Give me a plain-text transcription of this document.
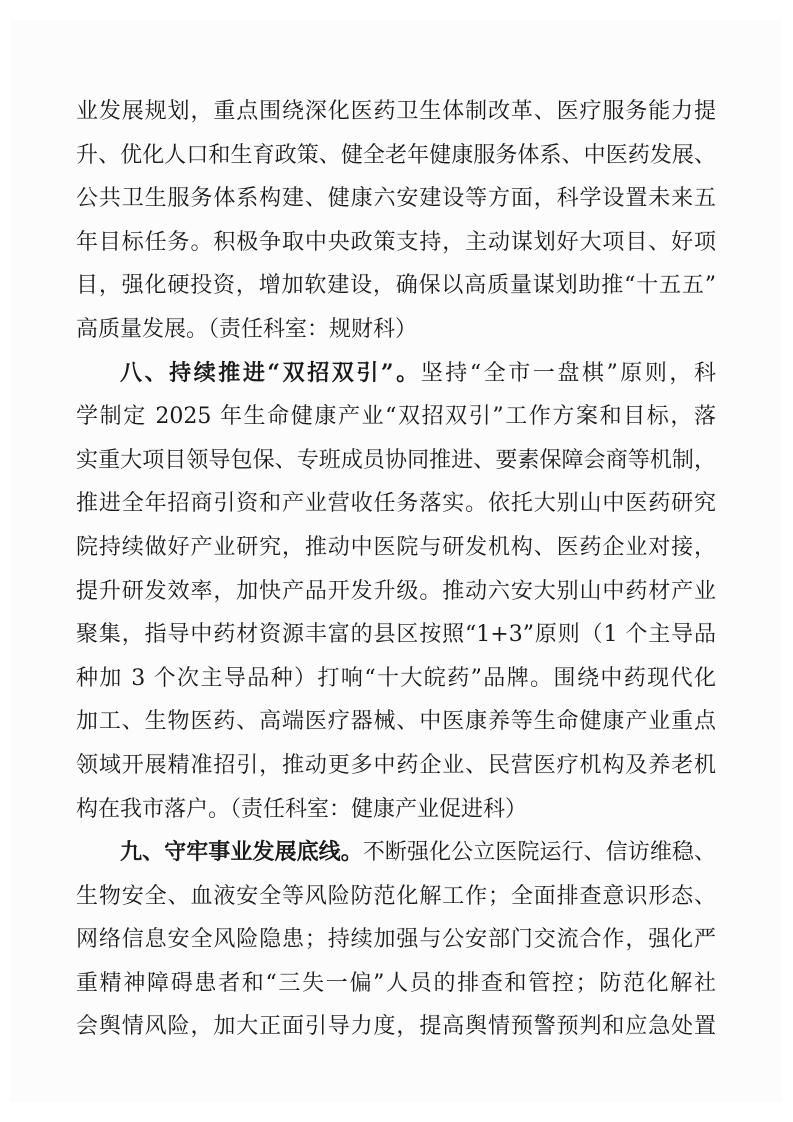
业发展规划，重点围绕深化医药卫生体制改革、医疗服务能力提
升、优化人口和生育政策、健全老年健康服务体系、中医药发展、
公共卫生服务体系构建、健康六安建设等方面，科学设置未来五
年目标任务。积极争取中央政策支持，主动谋划好大项目、好项
目，强化硬投资，增加软建设，确保以高质量谋划助推“十五五”
高质量发展。（责任科室：规财科）
八、持续推进“双招双引”。坚持“全市一盘棋”原则，科
学制定 2025 年生命健康产业“双招双引”工作方案和目标，落
实重大项目领导包保、专班成员协同推进、要素保障会商等机制，
推进全年招商引资和产业营收任务落实。依托大别山中医药研究
院持续做好产业研究，推动中医院与研发机构、医药企业对接，
提升研发效率，加快产品开发升级。推动六安大别山中药材产业
聚集，指导中药材资源丰富的县区按照“1+3”原则（1 个主导品
种加 3 个次主导品种）打响“十大皖药”品牌。围绕中药现代化
加工、生物医药、高端医疗器械、中医康养等生命健康产业重点
领域开展精准招引，推动更多中药企业、民营医疗机构及养老机
构在我市落户。（责任科室：健康产业促进科）
九、守牢事业发展底线。不断强化公立医院运行、信访维稳、
生物安全、血液安全等风险防范化解工作；全面排查意识形态、
网络信息安全风险隐患；持续加强与公安部门交流合作，强化严
重精神障碍患者和“三失一偏”人员的排查和管控；防范化解社
会舆情风险，加大正面引导力度，提高舆情预警预判和应急处置
